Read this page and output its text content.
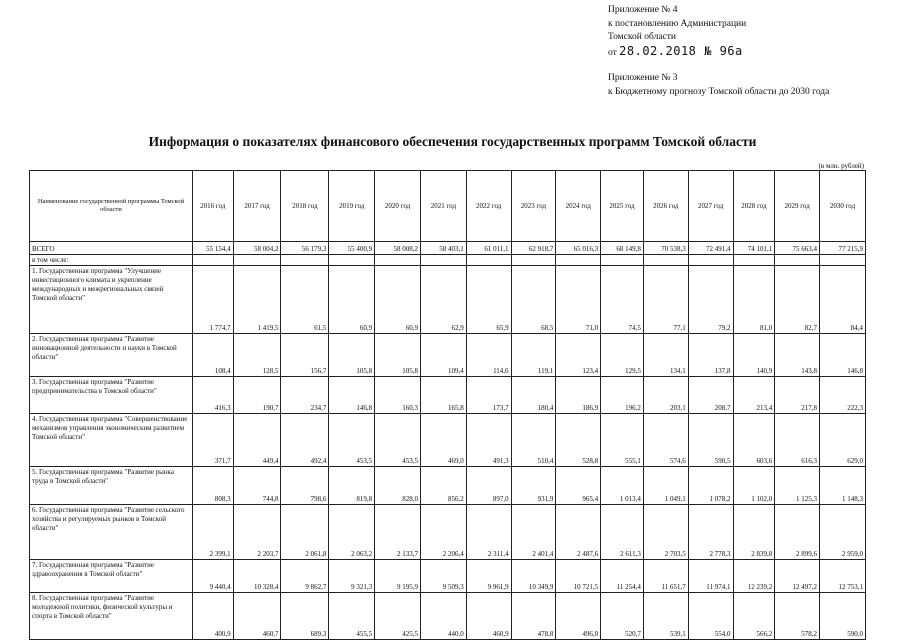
Приложение № 4
к постановлению Администрации
Томской области
от 28.02.2018 № 96а
Приложение № 3
к Бюджетному прогнозу Томской области до 2030 года
Информация о показателях финансового обеспечения государственных программ Томской области
(в млн. рублей)
Наименование государственной программы Томской области	2016 год	2017 год	2018 год	2019 год	2020 год	2021 год	2022 год	2023 год	2024 год	2025 год	2026 год	2027 год	2028 год	2029 год	2030 год
ВСЕГО	55 154,4	58 004,2	56 179,3	55 400,9	58 008,2	58 403,1	61 011,1	62 918,7	65 016,3	68 149,8	70 538,3	72 491,4	74 101,1	75 663,4	77 215,9
в том числе:															
1. Государственная программа "Улучшение инвестиционного климата и укрепление международных и межрегиональных связей Томской области"	1 774,7	1 419,5	61,5	60,9	60,9	62,9	65,9	68,5	71,0	74,5	77,1	79,2	81,0	82,7	84,4
2. Государственная программа "Развитие инновационной деятельности и науки в Томской области"	108,4	128,5	156,7	105,8	105,8	109,4	114,6	119,1	123,4	129,5	134,1	137,8	140,9	143,8	146,8
3. Государственная программа "Развитие предпринимательства в Томской области"	416,3	190,7	234,7	146,8	160,3	165,8	173,7	180,4	186,9	196,2	203,1	208,7	213,4	217,8	222,3
4. Государственная программа "Совершенствование механизмов управления экономическим развитием Томской области"	371,7	449,4	492,4	453,5	453,5	469,0	491,3	510,4	528,8	555,1	574,6	590,5	603,6	616,3	629,0
5. Государственная программа "Развитие рынка труда в Томской области"	808,3	744,8	798,6	819,8	828,0	856,2	897,0	931,9	965,4	1 013,4	1 049,1	1 078,2	1 102,0	1 125,3	1 148,3
6. Государственная программа "Развитие сельского хозяйства и регулируемых рынков в Томской области"	2 399,1	2 203,7	2 061,8	2 063,2	2 133,7	2 206,4	2 311,4	2 401,4	2 487,6	2 611,3	2 703,5	2 778,3	2 839,8	2 899,6	2 959,0
7. Государственная программа "Развитие здравоохранения в Томской области"	9 440,4	10 328,4	9 862,7	9 321,3	9 195,9	9 509,3	9 961,9	10 349,9	10 721,5	11 254,4	11 651,7	11 974,1	12 239,2	12 497,2	12 753,1
8. Государственная программа "Развитие молодежной политики, физической культуры и спорта в Томской области"	400,9	460,7	689,3	455,5	425,5	440,0	460,9	478,8	496,0	520,7	539,1	554,0	566,2	578,2	590,0
